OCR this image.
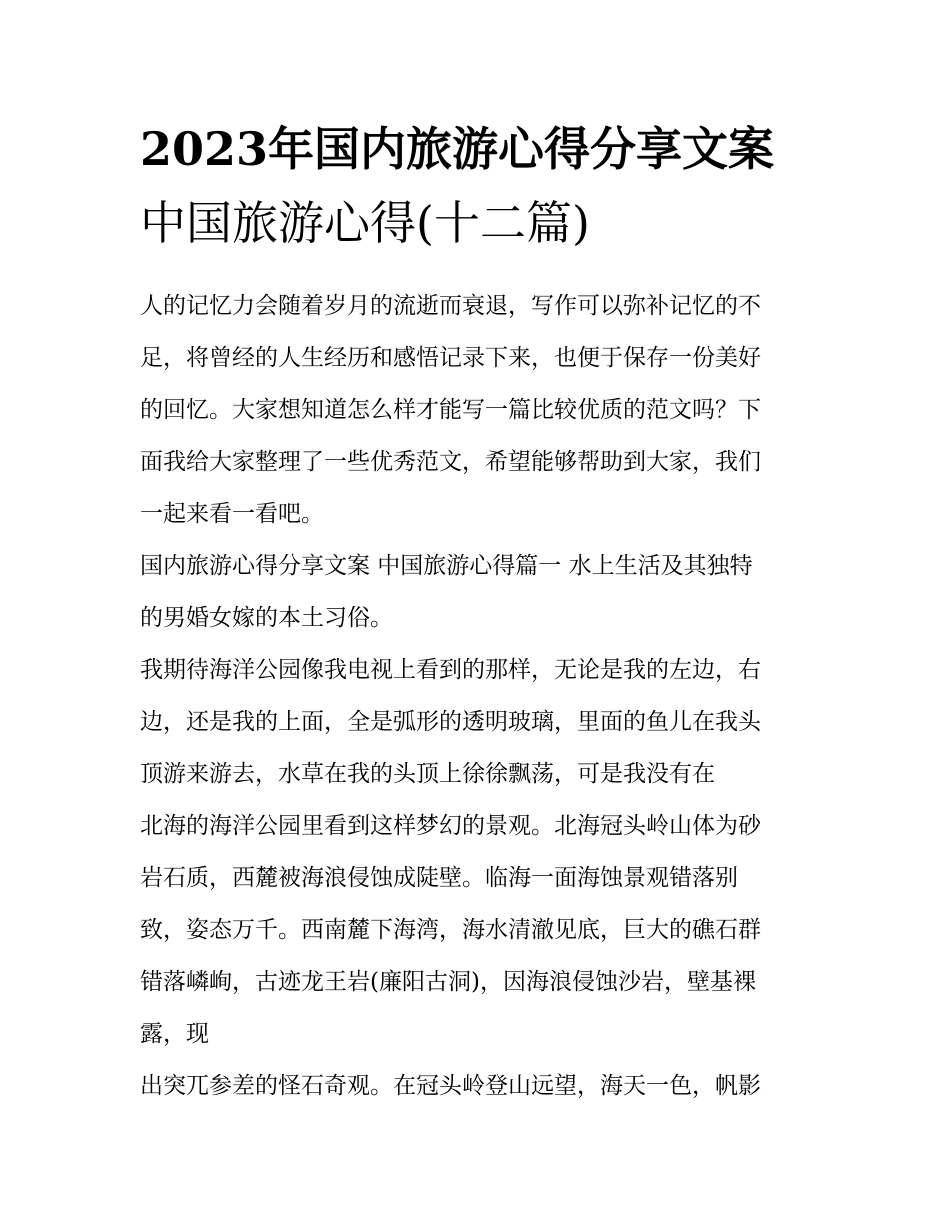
2023年国内旅游心得分享文案
中国旅游心得(十二篇)
人的记忆力会随着岁月的流逝而衰退，写作可以弥补记忆的不
足，将曾经的人生经历和感悟记录下来，也便于保存一份美好
的回忆。大家想知道怎么样才能写一篇比较优质的范文吗？下
面我给大家整理了一些优秀范文，希望能够帮助到大家，我们
一起来看一看吧。
国内旅游心得分享文案 中国旅游心得篇一 水上生活及其独特
的男婚女嫁的本土习俗。
我期待海洋公园像我电视上看到的那样，无论是我的左边，右
边，还是我的上面，全是弧形的透明玻璃，里面的鱼儿在我头
顶游来游去，水草在我的头顶上徐徐飘荡，可是我没有在
北海的海洋公园里看到这样梦幻的景观。北海冠头岭山体为砂
岩石质，西麓被海浪侵蚀成陡壁。临海一面海蚀景观错落别
致，姿态万千。西南麓下海湾，海水清澈见底，巨大的礁石群
错落嶙峋，古迹龙王岩(廉阳古洞)，因海浪侵蚀沙岩，壁基裸
露，现
出突兀参差的怪石奇观。在冠头岭登山远望，海天一色，帆影
